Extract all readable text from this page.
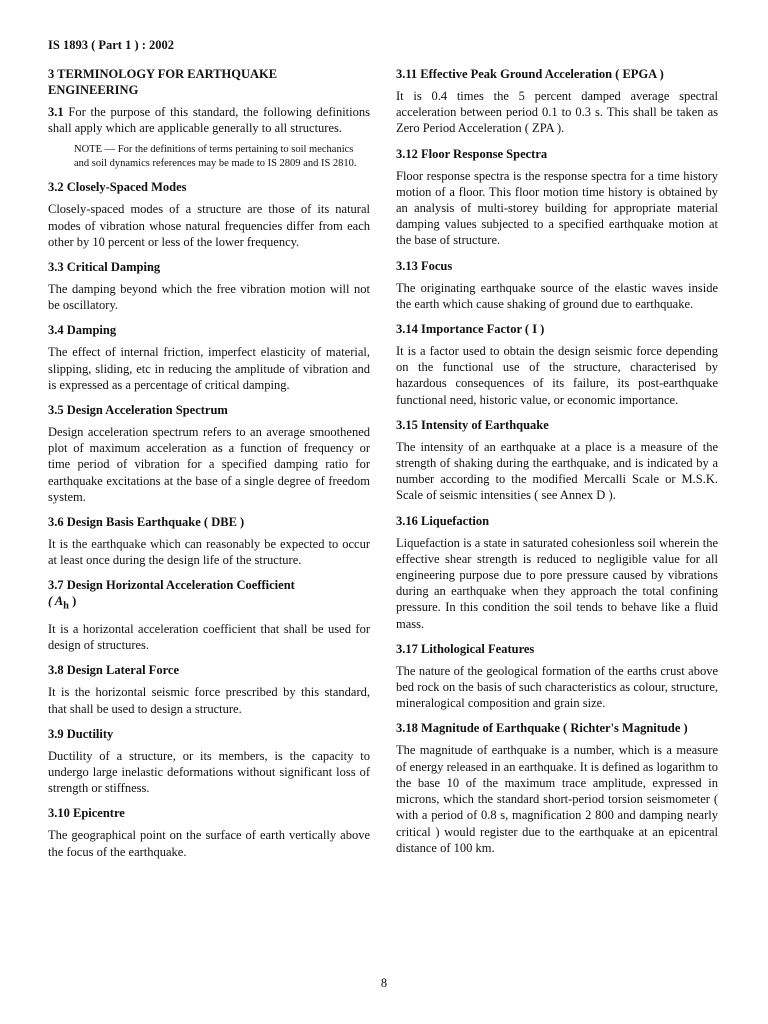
IS 1893 ( Part 1 ) : 2002
3 TERMINOLOGY FOR EARTHQUAKE ENGINEERING
3.1 For the purpose of this standard, the following definitions shall apply which are applicable generally to all structures.
NOTE — For the definitions of terms pertaining to soil mechanics and soil dynamics references may be made to IS 2809 and IS 2810.
3.2 Closely-Spaced Modes
Closely-spaced modes of a structure are those of its natural modes of vibration whose natural frequencies differ from each other by 10 percent or less of the lower frequency.
3.3 Critical Damping
The damping beyond which the free vibration motion will not be oscillatory.
3.4 Damping
The effect of internal friction, imperfect elasticity of material, slipping, sliding, etc in reducing the amplitude of vibration and is expressed as a percentage of critical damping.
3.5 Design Acceleration Spectrum
Design acceleration spectrum refers to an average smoothened plot of maximum acceleration as a function of frequency or time period of vibration for a specified damping ratio for earthquake excitations at the base of a single degree of freedom system.
3.6 Design Basis Earthquake ( DBE )
It is the earthquake which can reasonably be expected to occur at least once during the design life of the structure.
3.7 Design Horizontal Acceleration Coefficient
( $A_h$ )
It is a horizontal acceleration coefficient that shall be used for design of structures.
3.8 Design Lateral Force
It is the horizontal seismic force prescribed by this standard, that shall be used to design a structure.
3.9 Ductility
Ductility of a structure, or its members, is the capacity to undergo large inelastic deformations without significant loss of strength or stiffness.
3.10 Epicentre
The geographical point on the surface of earth vertically above the focus of the earthquake.
3.11 Effective Peak Ground Acceleration ( EPGA )
It is 0.4 times the 5 percent damped average spectral acceleration between period 0.1 to 0.3 s. This shall be taken as Zero Period Acceleration ( ZPA ).
3.12 Floor Response Spectra
Floor response spectra is the response spectra for a time history motion of a floor. This floor motion time history is obtained by an analysis of multi-storey building for appropriate material damping values subjected to a specified earthquake motion at the base of structure.
3.13 Focus
The originating earthquake source of the elastic waves inside the earth which cause shaking of ground due to earthquake.
3.14 Importance Factor ( I )
It is a factor used to obtain the design seismic force depending on the functional use of the structure, characterised by hazardous consequences of its failure, its post-earthquake functional need, historic value, or economic importance.
3.15 Intensity of Earthquake
The intensity of an earthquake at a place is a measure of the strength of shaking during the earthquake, and is indicated by a number according to the modified Mercalli Scale or M.S.K. Scale of seismic intensities ( see Annex D ).
3.16 Liquefaction
Liquefaction is a state in saturated cohesionless soil wherein the effective shear strength is reduced to negligible value for all engineering purpose due to pore pressure caused by vibrations during an earthquake when they approach the total confining pressure. In this condition the soil tends to behave like a fluid mass.
3.17 Lithological Features
The nature of the geological formation of the earths crust above bed rock on the basis of such characteristics as colour, structure, mineralogical composition and grain size.
3.18 Magnitude of Earthquake ( Richter's Magnitude )
The magnitude of earthquake is a number, which is a measure of energy released in an earthquake. It is defined as logarithm to the base 10 of the maximum trace amplitude, expressed in microns, which the standard short-period torsion seismometer ( with a period of 0.8 s, magnification 2 800 and damping nearly critical ) would register due to the earthquake at an epicentral distance of 100 km.
8
